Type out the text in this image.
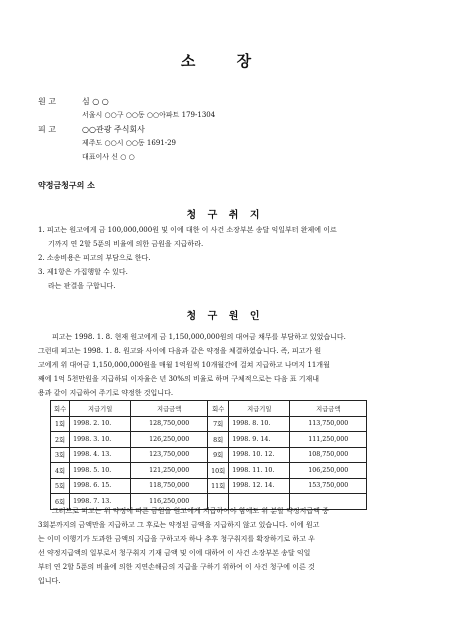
소 장
원 고	심 ○ ○
서울시 ○○구 ○○동 ○○아파트 179-1304
피 고	○○관광 주식회사
제주도 ○○시 ○○동 1691-29
대표이사 신 ○ ○
약정금청구의 소
청 구 취 지
1. 피고는 원고에게 금 100,000,000원 및 이에 대한 이 사건 소장부본 송달 익일부터 완제에 이르
기까지 연 2할 5푼의 비율에 의한 금원을 지급하라.
2. 소송비용은 피고의 부담으로 한다.
3. 제1항은 가집행할 수 있다.
라는 판결을 구합니다.
청 구 원 인
피고는 1998. 1. 8. 현재 원고에게 금 1,150,000,000원의 대여금 채무를 부담하고 있었습니다.
그런데 피고는 1998. 1. 8. 원고와 사이에 다음과 같은 약정을 체결하였습니다. 즉, 피고가 원
고에게 위 대여금 1,150,000,000원을 매월 1억원씩 10개월간에 걸쳐 지급하고 나머지 11개월
째에 1억 5천만원을 지급하되 이자율은 년 30%의 비율로 하며 구체적으로는 다음 표 기재내
용과 같이 지급하여 주기로 약정한 것입니다.
회수	지급기일	지급금액	회수	지급기일	지급금액
1회	1998. 2. 10.	128,750,000	7회	1998. 8. 10.	113,750,000
2회	1998. 3. 10.	126,250,000	8회	1998. 9. 14.	111,250,000
3회	1998. 4. 13.	123,750,000	9회	1998. 10. 12.	108,750,000
4회	1998. 5. 10.	121,250,000	10회	1998. 11. 10.	106,250,000
5회	1998. 6. 15.	118,750,000	11회	1998. 12. 14.	153,750,000
6회	1998. 7. 13.	116,250,000			
그러므로 피고는 위 약정에 따른 금원을 원고에게 지급하여야 함에도 위 분할 약정지급액 중
3회분까지의 금액만을 지급하고 그 후로는 약정된 금액을 지급하지 않고 있습니다. 이에 원고
는 이미 이행기가 도과한 금액의 지급을 구하고자 하나 추후 청구취지를 확장하기로 하고 우
선 약정지급액의 일부로서 청구취지 기재 금액 및 이에 대하여 이 사건 소장부본 송달 익일
부터 연 2할 5푼의 비율에 의한 지연손해금의 지급을 구하기 위하여 이 사건 청구에 이른 것
입니다.
